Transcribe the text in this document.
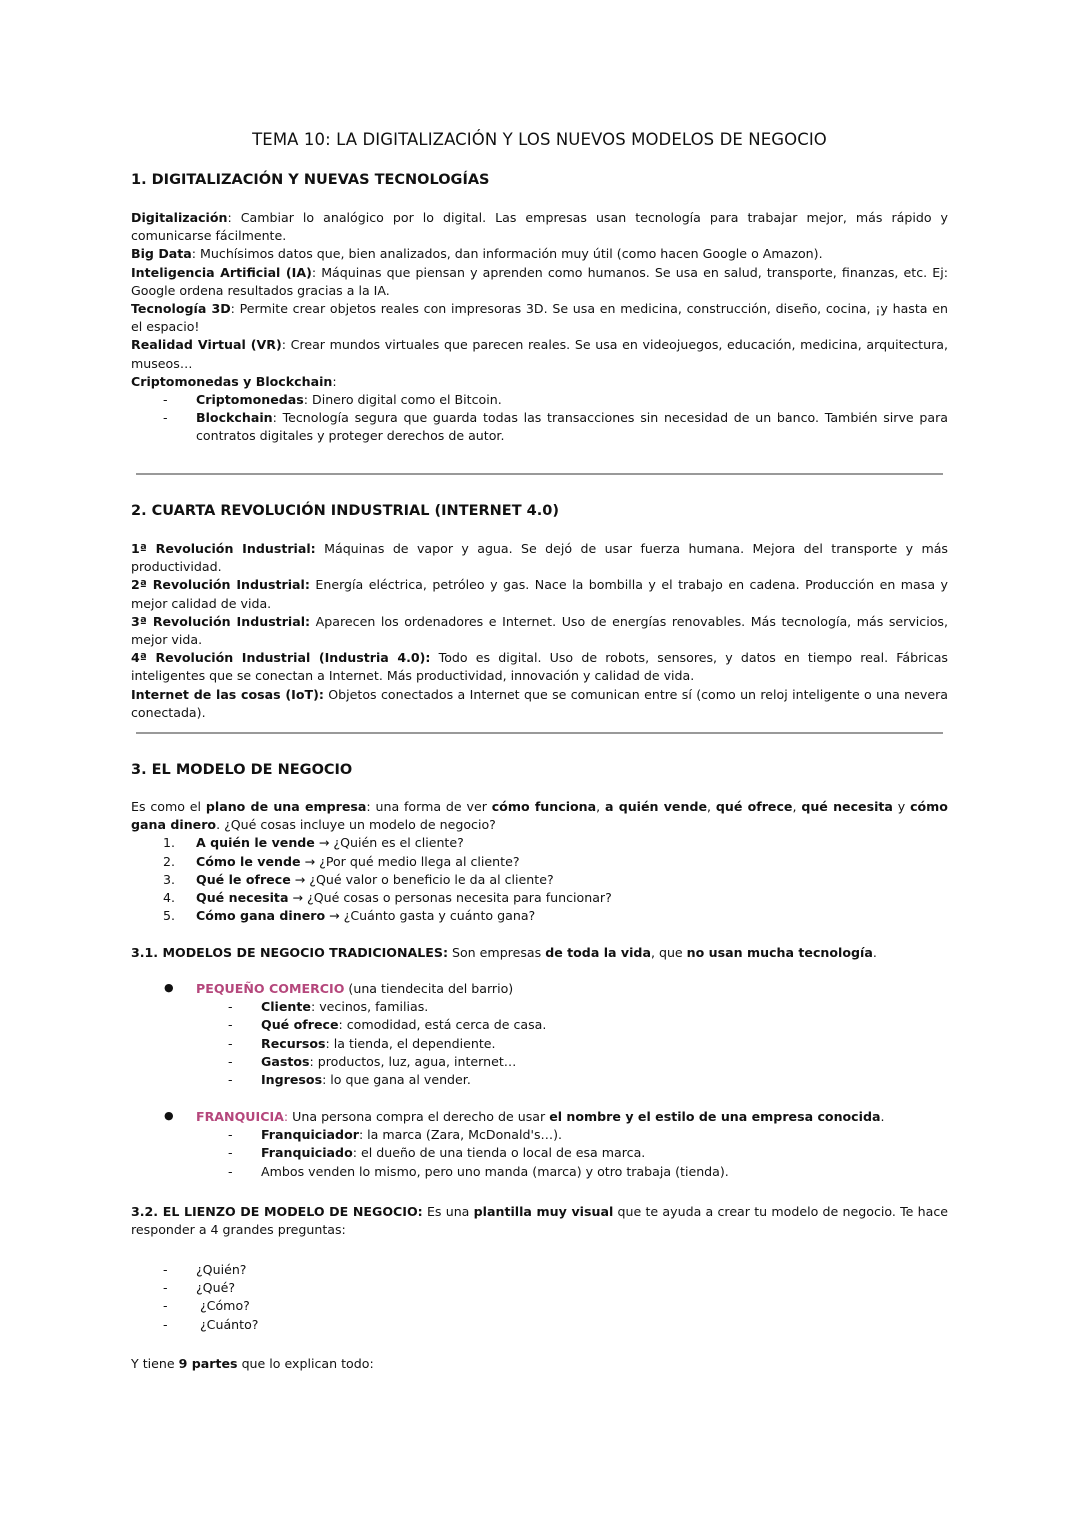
TEMA 10: LA DIGITALIZACIÓN Y LOS NUEVOS MODELOS DE NEGOCIO
1. DIGITALIZACIÓN Y NUEVAS TECNOLOGÍAS

Digitalización: Cambiar lo analógico por lo digital. Las empresas usan tecnología para trabajar mejor, más rápido y comunicarse fácilmente.

Big Data: Muchísimos datos que, bien analizados, dan información muy útil (como hacen Google o Amazon).

Inteligencia Artificial (IA): Máquinas que piensan y aprenden como humanos. Se usa en salud, transporte, finanzas, etc. Ej: Google ordena resultados gracias a la IA.

Tecnología 3D: Permite crear objetos reales con impresoras 3D. Se usa en medicina, construcción, diseño, cocina, ¡y hasta en el espacio!

Realidad Virtual (VR): Crear mundos virtuales que parecen reales. Se usa en videojuegos, educación, medicina, arquitectura, museos…

Criptomonedas y Blockchain:

- Criptomonedas: Dinero digital como el Bitcoin.
- Blockchain: Tecnología segura que guarda todas las transacciones sin necesidad de un banco. También sirve para contratos digitales y proteger derechos de autor.
2. CUARTA REVOLUCIÓN INDUSTRIAL (INTERNET 4.0)

1ª Revolución Industrial: Máquinas de vapor y agua. Se dejó de usar fuerza humana. Mejora del transporte y más productividad.

2ª Revolución Industrial: Energía eléctrica, petróleo y gas. Nace la bombilla y el trabajo en cadena. Producción en masa y mejor calidad de vida.

3ª Revolución Industrial: Aparecen los ordenadores e Internet. Uso de energías renovables. Más tecnología, más servicios, mejor vida.

4ª Revolución Industrial (Industria 4.0): Todo es digital. Uso de robots, sensores, y datos en tiempo real. Fábricas inteligentes que se conectan a Internet. Más productividad, innovación y calidad de vida.

Internet de las cosas (IoT): Objetos conectados a Internet que se comunican entre sí (como un reloj inteligente o una nevera conectada).

3. EL MODELO DE NEGOCIO

Es como el plano de una empresa: una forma de ver cómo funciona, a quién vende, qué ofrece, qué necesita y cómo gana dinero. ¿Qué cosas incluye un modelo de negocio?

1. A quién le vende → ¿Quién es el cliente?
2. Cómo le vende → ¿Por qué medio llega al cliente?
3. Qué le ofrece → ¿Qué valor o beneficio le da al cliente?
4. Qué necesita → ¿Qué cosas o personas necesita para funcionar?
5. Cómo gana dinero → ¿Cuánto gasta y cuánto gana?

3.1. MODELOS DE NEGOCIO TRADICIONALES: Son empresas de toda la vida, que no usan mucha tecnología.

● PEQUEÑO COMERCIO (una tiendecita del barrio)
- Cliente: vecinos, familias.
- Qué ofrece: comodidad, está cerca de casa.
- Recursos: la tienda, el dependiente.
- Gastos: productos, luz, agua, internet…
- Ingresos: lo que gana al vender.
● FRANQUICIA: Una persona compra el derecho de usar el nombre y el estilo de una empresa conocida.
- Franquiciador: la marca (Zara, McDonald's…).
- Franquiciado: el dueño de una tienda o local de esa marca.
- Ambos venden lo mismo, pero uno manda (marca) y otro trabaja (tienda).

3.2. EL LIENZO DE MODELO DE NEGOCIO: Es una plantilla muy visual que te ayuda a crear tu modelo de negocio. Te hace responder a 4 grandes preguntas:

- ¿Quién?
- ¿Qué?
- ¿Cómo?
- ¿Cuánto?

Y tiene 9 partes que lo explican todo:
